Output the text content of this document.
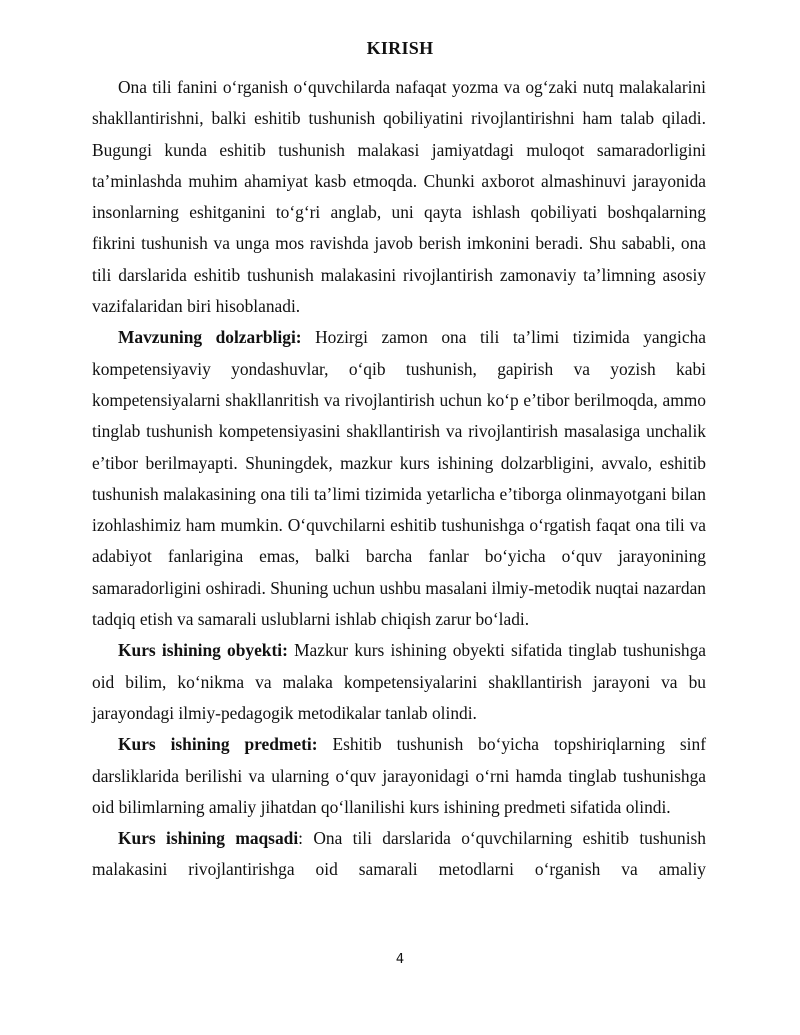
KIRISH

Ona tili fanini o‘rganish o‘quvchilarda nafaqat yozma va og‘zaki nutq malakalarini shakllantirishni, balki eshitib tushunish qobiliyatini rivojlantirishni ham talab qiladi. Bugungi kunda eshitib tushunish malakasi jamiyatdagi muloqot samaradorligini ta’minlashda muhim ahamiyat kasb etmoqda. Chunki axborot almashinuvi jarayonida insonlarning eshitganini to‘g‘ri anglab, uni qayta ishlash qobiliyati boshqalarning fikrini tushunish va unga mos ravishda javob berish imkonini beradi. Shu sababli, ona tili darslarida eshitib tushunish malakasini rivojlantirish zamonaviy ta’limning asosiy vazifalaridan biri hisoblanadi.

Mavzuning dolzarbligi: Hozirgi zamon ona tili ta’limi tizimida yangicha kompetensiyaviy yondashuvlar, o‘qib tushunish, gapirish va yozish kabi kompetensiyalarni shakllanritish va rivojlantirish uchun ko‘p e’tibor berilmoqda, ammo tinglab tushunish kompetensiyasini shakllantirish va rivojlantirish masalasiga unchalik e’tibor berilmayapti. Shuningdek, mazkur kurs ishining dolzarbligini, avvalo, eshitib tushunish malakasining ona tili ta’limi tizimida yetarlicha e’tiborga olinmayotgani bilan izohlashimiz ham mumkin. O‘quvchilarni eshitib tushunishga o‘rgatish faqat ona tili va adabiyot fanlarigina emas, balki barcha fanlar bo‘yicha o‘quv jarayonining samaradorligini oshiradi. Shuning uchun ushbu masalani ilmiy-metodik nuqtai nazardan tadqiq etish va samarali uslublarni ishlab chiqish zarur bo‘ladi.

Kurs ishining obyekti: Mazkur kurs ishining obyekti sifatida tinglab tushunishga oid bilim, ko‘nikma va malaka kompetensiyalarini shakllantirish jarayoni va bu jarayondagi ilmiy-pedagogik metodikalar tanlab olindi.

Kurs ishining predmeti: Eshitib tushunish bo‘yicha topshiriqlarning sinf darsliklarida berilishi va ularning o‘quv jarayonidagi o‘rni hamda tinglab tushunishga oid bilimlarning amaliy jihatdan qo‘llanilishi kurs ishining predmeti sifatida olindi.

Kurs ishining maqsadi: Ona tili darslarida o‘quvchilarning eshitib tushunish malakasini rivojlantirishga oid samarali metodlarni o‘rganish va amaliy

4
